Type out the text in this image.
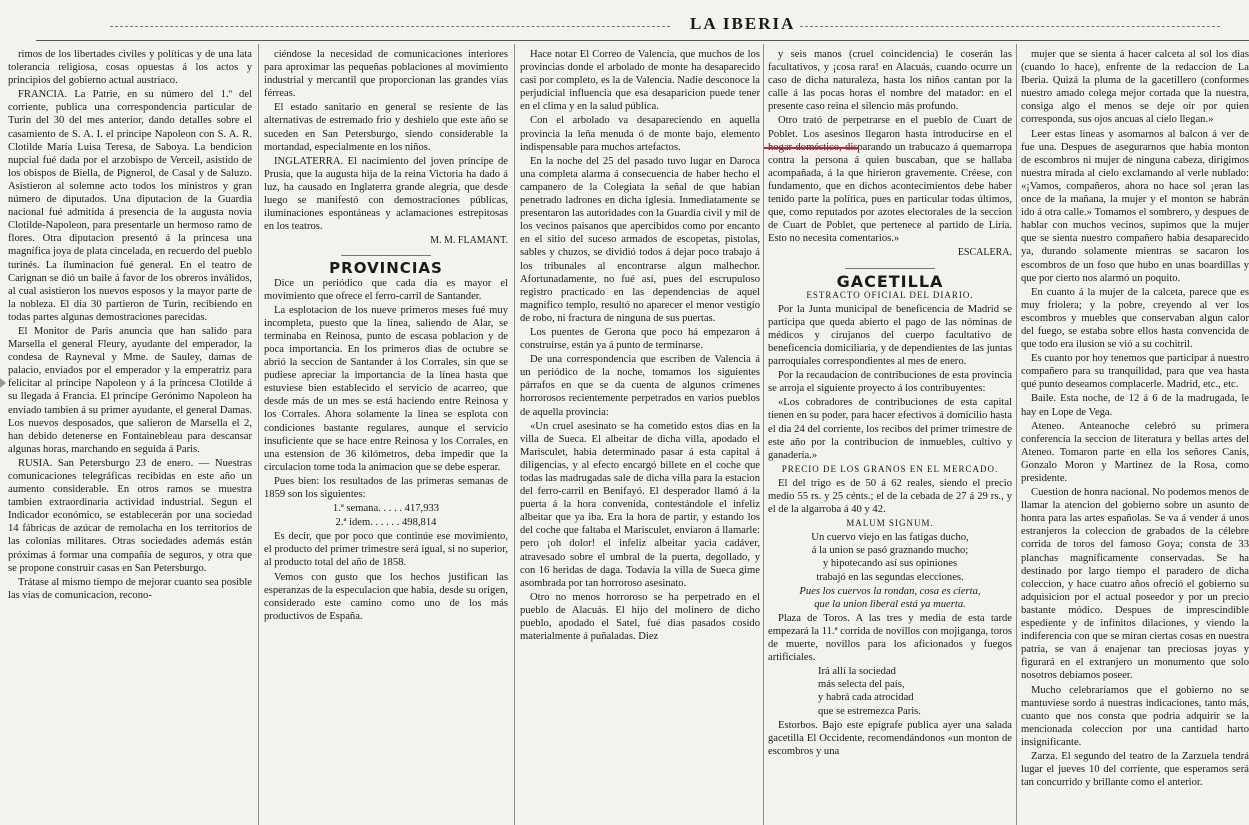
LA IBERIA

rimos de los libertades civiles y políticas y de una lata tolerancia religiosa, cosas opuestas á los actos y principios del gobierno actual austriaco.

FRANCIA. La Patrie, en su número del 1.º del corriente, publica una correspondencia particular de Turin del 30 del mes anterior, dando detalles sobre el casamiento de S. A. I. el príncipe Napoleon con S. A. R. Clotilde María Luisa Teresa, de Saboya. La bendicion nupcial fué dada por el arzobispo de Verceil, asistido de los obispos de Biella, de Pignerol, de Casal y de Saluzo. Asistieron al solemne acto todos los ministros y gran número de diputados. Una diputacion de la Guardia nacional fué admitida á presencia de la augusta novia Clotilde-Napoleon, para presentarle un hermoso ramo de flores. Otra diputacion presentó á la princesa una magnífica joya de plata cincelada, en recuerdo del pueblo turinés. La iluminacion fué general. En el teatro de Carignan se dió un baile á favor de los obreros inválidos, al cual asistieron los nuevos esposos y la mayor parte de la nobleza. El dia 30 partieron de Turin, recibiendo en todas partes algunas demostraciones parecidas.

El Monitor de Paris anuncia que han salido para Marsella el general Fleury, ayudante del emperador, la condesa de Rayneval y Mme. de Sauley, damas de palacio, enviados por el emperador y la emperatriz para felicitar al príncipe Napoleon y á la princesa Clotilde á su llegada á Francia. El príncipe Gerónimo Napoleon ha enviado tambien á su primer ayudante, el general Damas. Los nuevos desposados, que salieron de Marsella el 2, han debido detenerse en Fontainebleau para descansar algunas horas, marchando en seguida á Paris.

RUSIA. San Petersburgo 23 de enero. — Nuestras comunicaciones telegráficas recibidas en este año un aumento considerable. En otros ramos se muestra tambien extraordinaria actividad industrial. Segun el Indicador económico, se establecerán por una sociedad 14 fábricas de azúcar de remolacha en los territorios de las colonias militares. Otras sociedades además están próximas á formar una compañía de seguros, y otra que se propone construir casas en San Petersburgo.

Trátase al mismo tiempo de mejorar cuanto sea posible las vias de comunicacion, recono-

ciéndose la necesidad de comunicaciones interiores para aproximar las pequeñas poblaciones al movimiento industrial y mercantil que proporcionan las grandes vias férreas.

El estado sanitario en general se resiente de las alternativas de estremado frio y deshielo que este año se suceden en San Petersburgo, siendo considerable la mortandad, especialmente en los niños.

INGLATERRA. El nacimiento del joven príncipe de Prusia, que la augusta hija de la reina Victoria ha dado á luz, ha causado en Inglaterra grande alegría, que desde luego se manifestó con demostraciones públicas, iluminaciones espontáneas y aclamaciones estrepitosas en los teatros.

M. M. FLAMANT.

PROVINCIAS

Dice un periódico que cada dia es mayor el movimiento que ofrece el ferro-carril de Santander.

La esplotacion de los nueve primeros meses fué muy incompleta, puesto que la línea, saliendo de Alar, se terminaba en Reinosa, punto de escasa poblacion y de poca importancia. En los primeros dias de octubre se abrió la seccion de Santander á los Corrales, sin que se pudiese apreciar la importancia de la línea hasta que estuviese bien establecido el servicio de acarreo, que desde más de un mes se está haciendo entre Reinosa y los Corrales. Ahora solamente la línea se esplota con condiciones bastante regulares, aunque el servicio insuficiente que se hace entre Reinosa y los Corrales, en una estension de 36 kilómetros, deba impedir que la circulacion tome toda la animacion que se debe esperar.

Pues bien: los resultados de las primeras semanas de 1859 son los siguientes:

1.ª semana. . . . . 417,933

2.ª idem. . . . . . 498,814

Es decir, que por poco que continúe ese movimiento, el producto del primer trimestre será igual, si no superior, al producto total del año de 1858.

Vemos con gusto que los hechos justifican las esperanzas de la especulacion que habia, desde su origen, considerado este camino como uno de los más productivos de España.

Hace notar El Correo de Valencia, que muchos de los provincias donde el arbolado de monte ha desaparecido casi por completo, es la de Valencia. Nadie desconoce la perjudicial influencia que esa desaparicion puede tener en el clima y en la salud pública.

Con el arbolado va desapareciendo en aquella provincia la leña menuda ó de monte bajo, elemento indispensable para muchos artefactos.

En la noche del 25 del pasado tuvo lugar en Daroca una completa alarma á consecuencia de haber hecho el campanero de la Colegiata la señal de que habian penetrado ladrones en dicha iglesia. Inmediatamente se presentaron las autoridades con la Guardia civil y mil de los vecinos paisanos que apercibidos como por encanto en el sitio del suceso armados de escopetas, pistolas, sables y chuzos, se dividió todos á dejar poco trabajo á los tribunales al encontrarse algun malhechor. Afortunadamente, no fué así, pues del escrupuloso registro practicado en las dependencias de aquel magnífico templo, resultó no aparecer el menor vestigio de robo, ni fractura de ninguna de sus puertas.

Los puentes de Gerona que poco há empezaron á construirse, están ya á punto de terminarse.

De una correspondencia que escriben de Valencia á un periódico de la noche, tomamos los siguientes párrafos en que se da cuenta de algunos crímenes horrorosos recientemente perpetrados en varios pueblos de aquella provincia:

«Un cruel asesinato se ha cometido estos dias en la villa de Sueca. El albeitar de dicha villa, apodado el Marisculet, habia determinado pasar á esta capital á diligencias, y al efecto encargó billete en el coche que todas las madrugadas sale de dicha villa para la estacion del ferro-carril en Benifayó. El desperador llamó á la puerta á la hora convenida, contestándole el infeliz albeitar que ya iba. Era la hora de partir, y estando los del coche que faltaba el Marisculet, enviaron á llamarle: pero ¡oh dolor! el infeliz albeitar yacia cadáver, atravesado sobre el umbral de la puerta, degollado, y con 16 heridas de daga. Todavía la villa de Sueca gime asombrada por tan horroroso asesinato.

Otro no menos horroroso se ha perpetrado en el pueblo de Alacuás. El hijo del molinero de dicho pueblo, apodado el Satel, fué dias pasados cosido materialmente á puñaladas. Diez

y seis manos (cruel coincidencia) le coserán las facultativos, y ¡cosa rara! en Alacuás, cuando ocurre un caso de dicha naturaleza, hasta los niños cantan por la calle á las pocas horas el nombre del matador: en el presente caso reina el silencio más profundo.

Otro trató de perpetrarse en el pueblo de Cuart de Poblet. Los asesinos llegaron hasta introducirse en el hogar doméstico, disparando un trabucazo á quemarropa contra la persona á quien buscaban, que se hallaba acompañada, á la que hirieron gravemente. Créese, con fundamento, que en dichos acontecimientos debe haber tenido parte la política, pues en particular todas últimos, que, como reputados por azotes electorales de la seccion de Cuart de Poblet, que pertenece al partido de Liria. Esto no necesita comentarios.»

ESCALERA.

GACETILLA

ESTRACTO OFICIAL DEL DIARIO.

Por la Junta municipal de beneficencia de Madrid se participa que queda abierto el pago de las nóminas de médicos y cirujanos del cuerpo facultativo de beneficencia domiciliaria, y de dependientes de las juntas parroquiales correspondientes al mes de enero.

Por la recaudacion de contribuciones de esta provincia se arroja el siguiente proyecto á los contribuyentes:

«Los cobradores de contribuciones de esta capital tienen en su poder, para hacer efectivos á domicilio hasta el dia 24 del corriente, los recibos del primer trimestre de este año por la contribucion de inmuebles, cultivo y ganadería.»

PRECIO DE LOS GRANOS EN EL MERCADO.

El del trigo es de 50 á 62 reales, siendo el precio medio 55 rs. y 25 cénts.; el de la cebada de 27 á 29 rs., y el de la algarroba á 40 y 42.

MALUM SIGNUM.

Un cuervo viejo en las fatigas ducho,
á la union se pasó graznando mucho;
y hipotecando así sus opiniones
trabajó en las segundas elecciones.

Pues los cuervos la rondan, cosa es cierta,
que la union liberal está ya muerta.

Plaza de Toros. A las tres y media de esta tarde empezará la 11.ª corrida de novillos con mojiganga, toros de muerte, novillos para los aficionados y fuegos artificiales.

Irá allí la sociedad
más selecta del país,
y habrá cada atrocidad
que se estremezca Paris.

Estorbos. Bajo este epígrafe publica ayer una salada gacetilla El Occidente, recomendándonos «un monton de escombros y una

mujer que se sienta á hacer calceta al sol los dias (cuando lo hace), enfrente de la redaccion de La Iberia. Quizá la pluma de la gacetillero (conformes nuestro amado colega mejor cortada que la nuestra, consiga algo el menos se deje oír por quien corresponda, sus ojos ancuas al cielo llegan.»

Leer estas lineas y asomarnos al balcon á ver de fue una. Despues de asegurarnos que habia monton de escombros ni mujer de ninguna cabeza, dirigimos nuestra mirada al cielo exclamando al verle nublado: «¡Vamos, compañeros, ahora no hace sol ¡eran las once de la mañana, la mujer y el monton se habrán ido á otra calle.» Tomamos el sombrero, y despues de hablar con muchos vecinos, supimos que la mujer que se sienta nuestro compañero habia desaparecido ya, durando solamente mientras se sacaron los escombros de un foso que hubo en unas boardillas y que por cierto nos alarmó un poquito.

En cuanto á la mujer de la calceta, parece que es muy friolera; y la pobre, creyendo al ver los escombros y muebles que conservaban algun calor del fuego, se estaba sobre ellos hasta convencida de que todo era ilusion se vió a su cochitril.

Es cuanto por hoy tenemos que participar á nuestro compañero para su tranquilidad, para que vea hasta qué punto deseamos complacerle. Madrid, etc., etc.

Baile. Esta noche, de 12 á 6 de la madrugada, le hay en Lope de Vega.

Ateneo. Anteanoche celebró su primera conferencia la seccion de literatura y bellas artes del Ateneo. Tomaron parte en ella los señores Canis, Gonzalo Moron y Martinez de la Rosa, como presidente.

Cuestion de honra nacional. No podemos menos de llamar la atencion del gobierno sobre un asunto de honra para las artes españolas. Se va á vender á unos estranjeros la coleccion de grabados de la célebre corrida de toros del famoso Goya; consta de 33 planchas magníficamente conservadas. Se ha destinado por largo tiempo el paradero de dicha coleccion, y hace cuatro años ofreció el gobierno su adquisicion por el actual poseedor y por un precio bastante módico. Despues de imprescindible espediente y de infinitos dilaciones, y viendo la indiferencia con que se miran ciertas cosas en nuestra patria, se van á enajenar tan preciosas joyas y figurará en el extranjero un monumento que solo nosotros debíamos poseer.

Mucho celebraríamos que el gobierno no se mantuviese sordo á nuestras indicaciones, tanto más, cuanto que nos consta que podria adquirir se la mencionada coleccion por una cantidad harto insignificante.

Zarza. El segundo del teatro de la Zarzuela tendrá lugar el jueves 10 del corriente, que esperamos será tan concurrido y brillante como el anterior.
